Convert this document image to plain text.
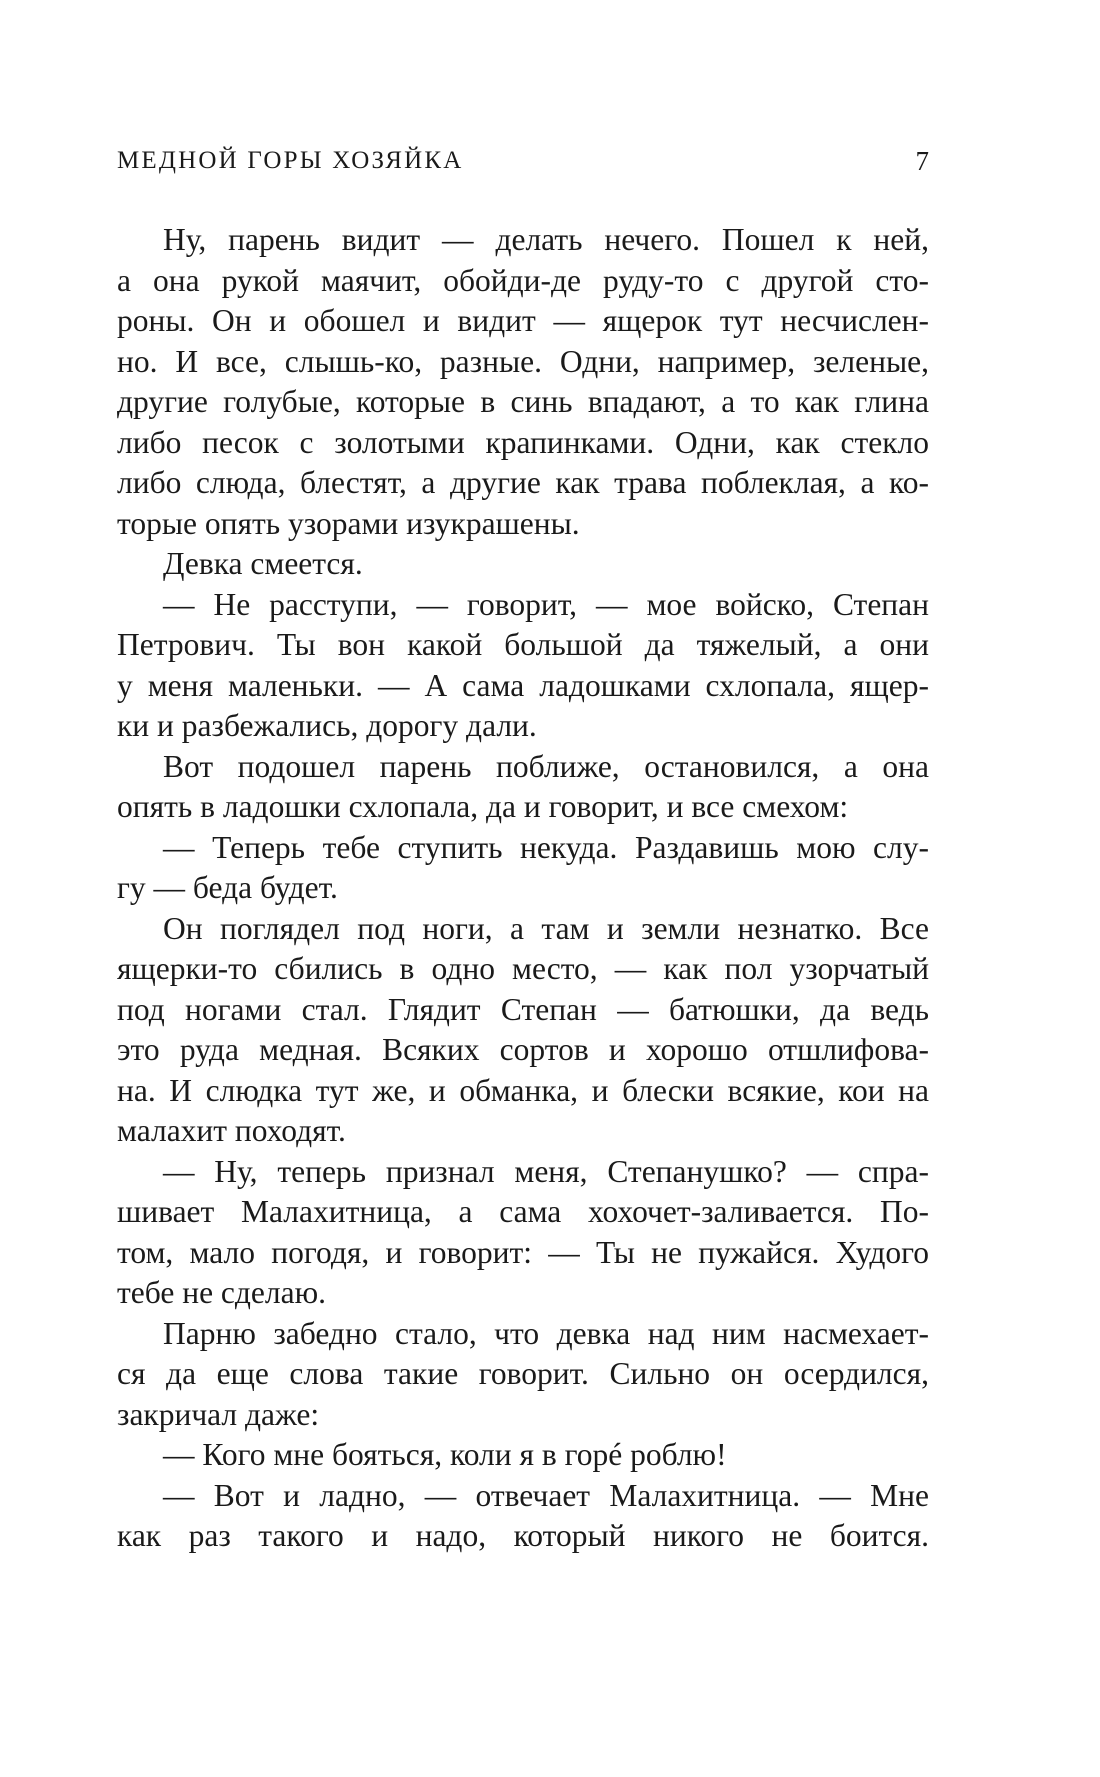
МЕДНОЙ ГОРЫ ХОЗЯЙКА	7
Ну, парень видит — делать нечего. Пошел к ней,
а она рукой маячит, обойди-де руду-то с другой сто-
роны. Он и обошел и видит — ящерок тут несчислен-
но. И все, слышь-ко, разные. Одни, например, зеленые,
другие голубые, которые в синь впадают, а то как глина
либо песок с золотыми крапинками. Одни, как стекло
либо слюда, блестят, а другие как трава поблеклая, а ко-
торые опять узорами изукрашены.
Девка смеется.
— Не расступи, — говорит, — мое войско, Степан
Петрович. Ты вон какой большой да тяжелый, а они
у меня маленьки. — А сама ладошками схлопала, ящер-
ки и разбежались, дорогу дали.
Вот подошел парень поближе, остановился, а она
опять в ладошки схлопала, да и говорит, и все смехом:
— Теперь тебе ступить некуда. Раздавишь мою слу-
гу — беда будет.
Он поглядел под ноги, а там и земли незнатко. Все
ящерки-то сбились в одно место, — как пол узорчатый
под ногами стал. Глядит Степан — батюшки, да ведь
это руда медная. Всяких сортов и хорошо отшлифова-
на. И слюдка тут же, и обманка, и блески всякие, кои на
малахит походят.
— Ну, теперь признал меня, Степанушко? — спра-
шивает Малахитница, а сама хохочет-заливается. По-
том, мало погодя, и говорит: — Ты не пужайся. Худого
тебе не сделаю.
Парню забедно стало, что девка над ним насмехает-
ся да еще слова такие говорит. Сильно он осердился,
закричал даже:
— Кого мне бояться, коли я в горé роблю!
— Вот и ладно, — отвечает Малахитница. — Мне
как раз такого и надо, который никого не боится.
